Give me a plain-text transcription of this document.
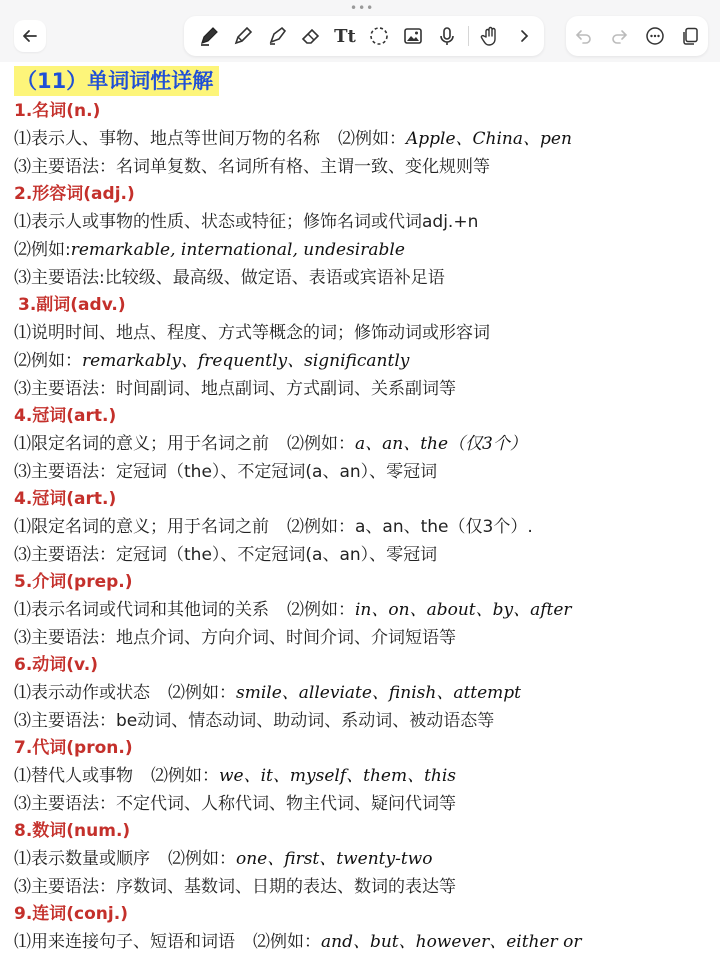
•••
Tt
（11）单词词性详解
1.名词(n.)
⑴表示人、事物、地点等世间万物的名称 ⑵例如：Apple、China、pen
⑶主要语法：名词单复数、名词所有格、主谓一致、变化规则等
2.形容词(adj.)
⑴表示人或事物的性质、状态或特征；修饰名词或代词adj.+n
⑵例如:remarkable, international, undesirable
⑶主要语法:比较级、最高级、做定语、表语或宾语补足语
3.副词(adv.)
⑴说明时间、地点、程度、方式等概念的词；修饰动词或形容词
⑵例如：remarkably、frequently、significantly
⑶主要语法：时间副词、地点副词、方式副词、关系副词等
4.冠词(art.)
⑴限定名词的意义；用于名词之前 ⑵例如：a、an、the（仅3个）
⑶主要语法：定冠词（the）、不定冠词(a、an）、零冠词
4.冠词(art.)
⑴限定名词的意义；用于名词之前 ⑵例如：a、an、the（仅3个）.
⑶主要语法：定冠词（the）、不定冠词(a、an）、零冠词
5.介词(prep.)
⑴表示名词或代词和其他词的关系 ⑵例如：in、on、about、by、after
⑶主要语法：地点介词、方向介词、时间介词、介词短语等
6.动词(v.)
⑴表示动作或状态 ⑵例如：smile、alleviate、finish、attempt
⑶主要语法：be动词、情态动词、助动词、系动词、被动语态等
7.代词(pron.)
⑴替代人或事物 ⑵例如：we、it、myself、them、this
⑶主要语法：不定代词、人称代词、物主代词、疑问代词等
8.数词(num.)
⑴表示数量或顺序 ⑵例如：one、first、twenty-two
⑶主要语法：序数词、基数词、日期的表达、数词的表达等
9.连词(conj.)
⑴用来连接句子、短语和词语 ⑵例如：and、but、however、either or
